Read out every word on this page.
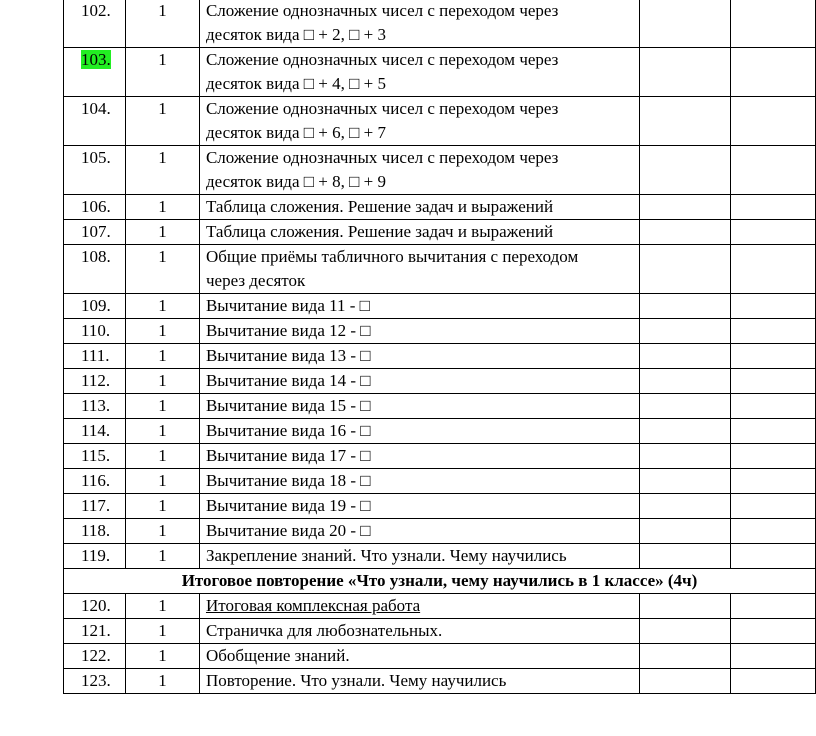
102.	1	Сложение однозначных чисел с переходом через
десяток вида □ + 2, □ + 3		

103.	1	Сложение однозначных чисел с переходом через
десяток вида □ + 4, □ + 5		

104.	1	Сложение однозначных чисел с переходом через
десяток вида □ + 6, □ + 7		

105.	1	Сложение однозначных чисел с переходом через
десяток вида □ + 8, □ + 9		

106.	1	Таблица сложения. Решение задач и выражений		

107.	1	Таблица сложения. Решение задач и выражений		

108.	1	Общие приёмы табличного вычитания с переходом
через десяток		

109.	1	Вычитание вида 11 - □		

110.	1	Вычитание вида 12 - □		

111.	1	Вычитание вида 13 - □		

112.	1	Вычитание вида 14 - □		

113.	1	Вычитание вида 15 - □		

114.	1	Вычитание вида 16 - □		

115.	1	Вычитание вида 17 - □		

116.	1	Вычитание вида 18 - □		

117.	1	Вычитание вида 19 - □		

118.	1	Вычитание вида 20 - □		

119.	1	Закрепление знаний. Что узнали. Чему научились		

Итоговое повторение «Что узнали, чему научились в 1 классе» (4ч)				
120.	1	Итоговая комплексная работа		

121.	1	Страничка для любознательных.		

122.	1	Обобщение знаний.		

123.	1	Повторение. Что узнали. Чему научились		
